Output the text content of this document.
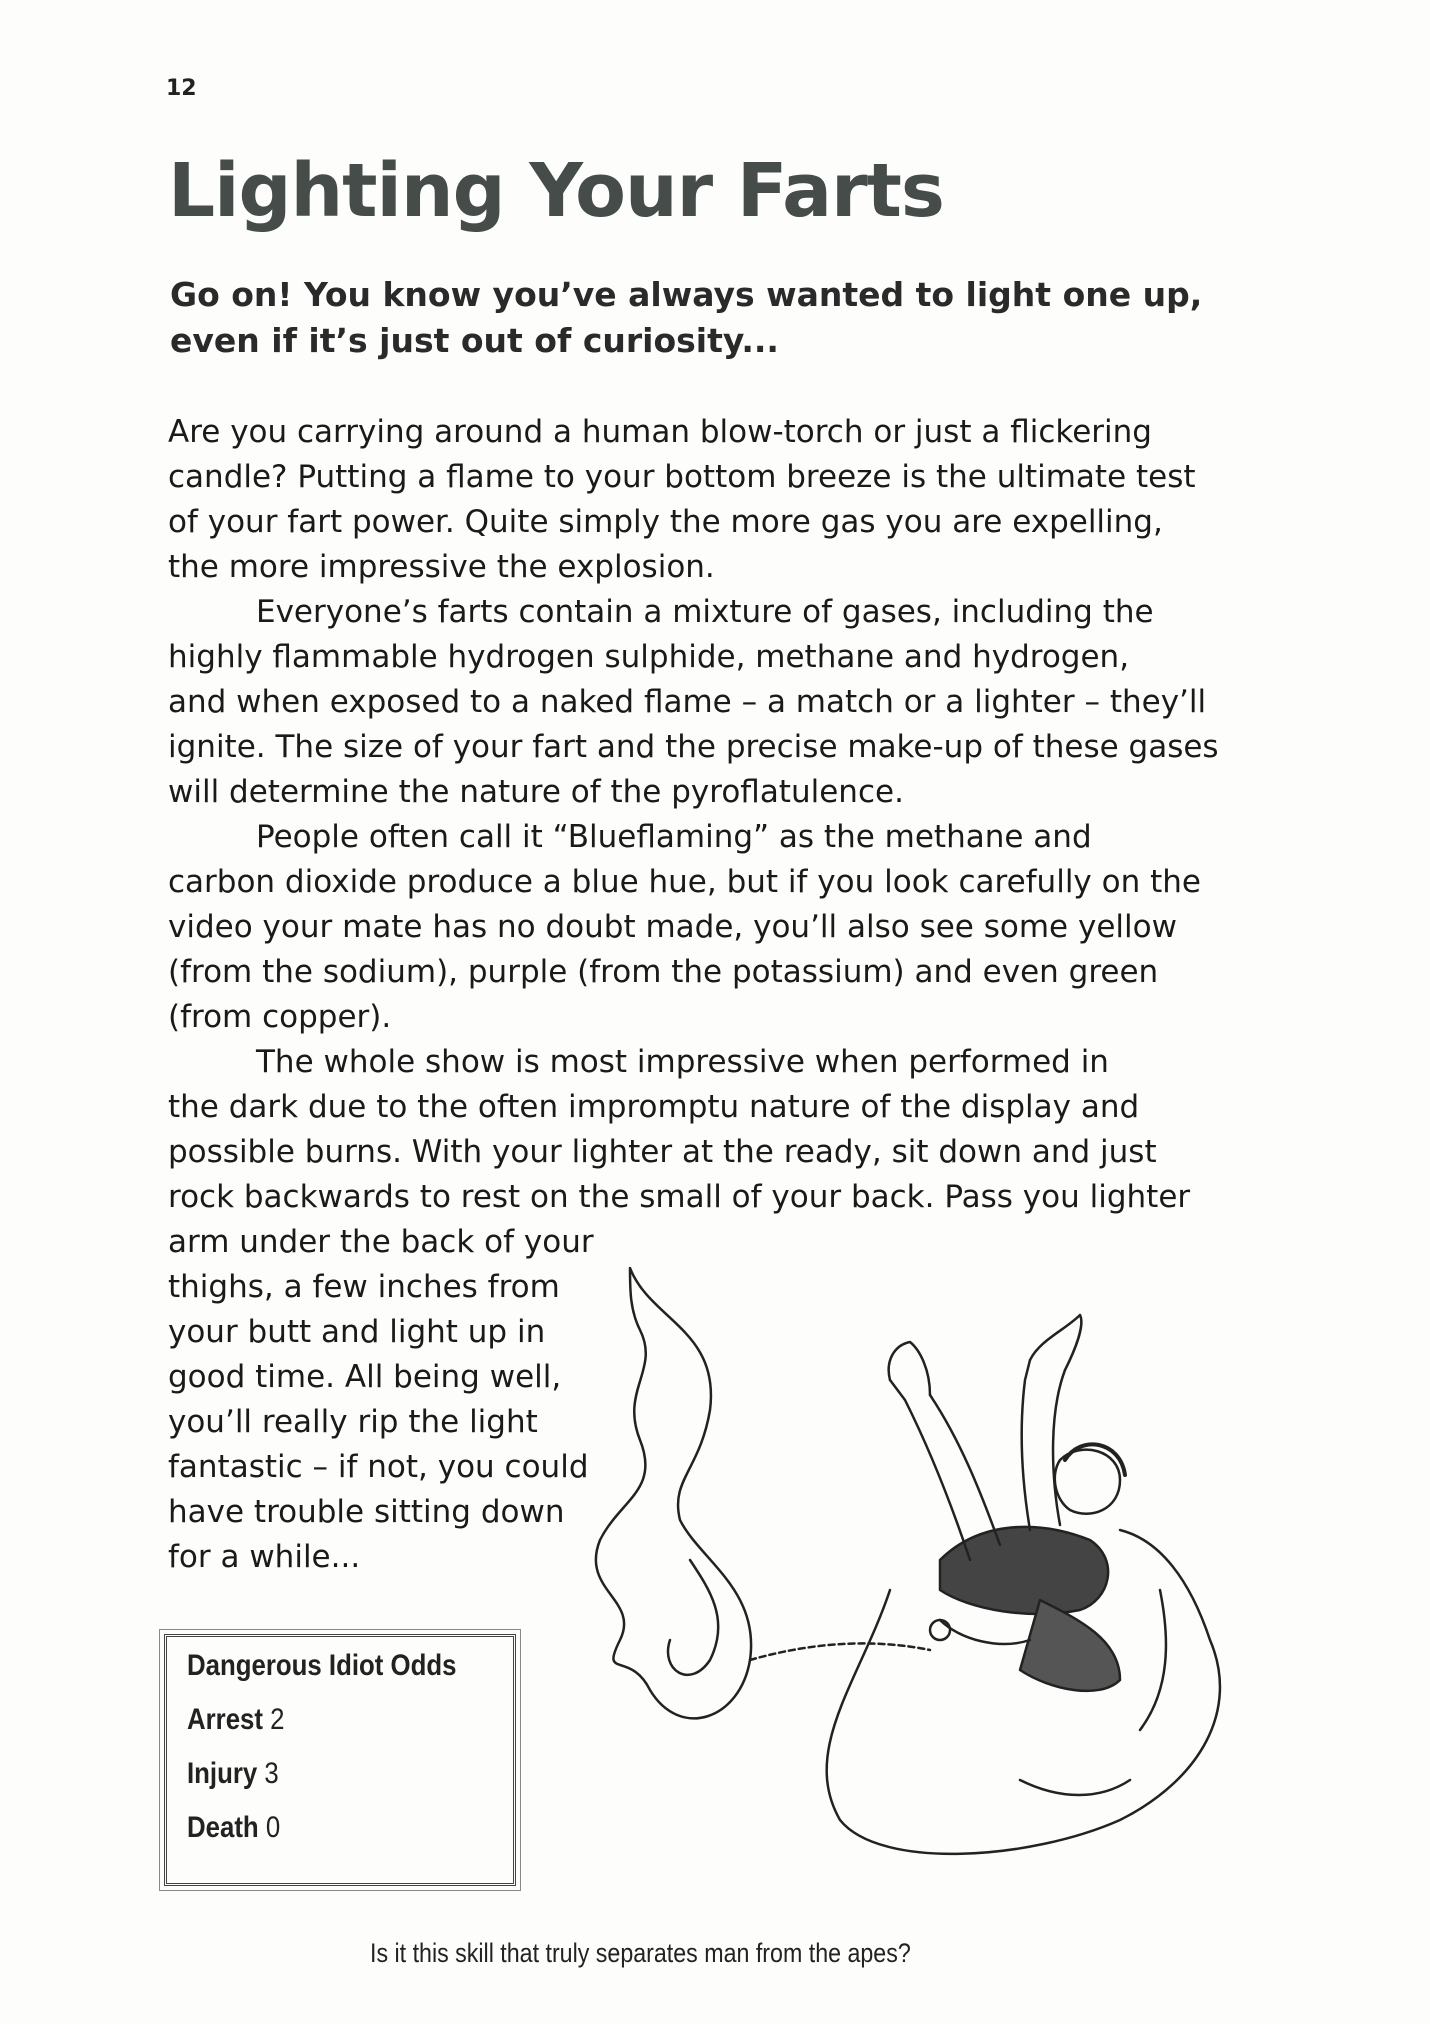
12
Lighting Your Farts
Go on! You know you’ve always wanted to light one up,
even if it’s just out of curiosity...
Are you carrying around a human blow-torch or just a flickering
candle? Putting a flame to your bottom breeze is the ultimate test
of your fart power. Quite simply the more gas you are expelling,
the more impressive the explosion.
Everyone’s farts contain a mixture of gases, including the
highly flammable hydrogen sulphide, methane and hydrogen,
and when exposed to a naked flame – a match or a lighter – they’ll
ignite. The size of your fart and the precise make-up of these gases
will determine the nature of the pyroflatulence.
People often call it “Blueflaming” as the methane and
carbon dioxide produce a blue hue, but if you look carefully on the
video your mate has no doubt made, you’ll also see some yellow
(from the sodium), purple (from the potassium) and even green
(from copper).
The whole show is most impressive when performed in
the dark due to the often impromptu nature of the display and
possible burns. With your lighter at the ready, sit down and just
rock backwards to rest on the small of your back. Pass you lighter
arm under the back of your
thighs, a few inches from
your butt and light up in
good time. All being well,
you’ll really rip the light
fantastic – if not, you could
have trouble sitting down
for a while...
Dangerous Idiot Odds
Arrest 2
Injury 3
Death 0
Is it this skill that truly separates man from the apes?
